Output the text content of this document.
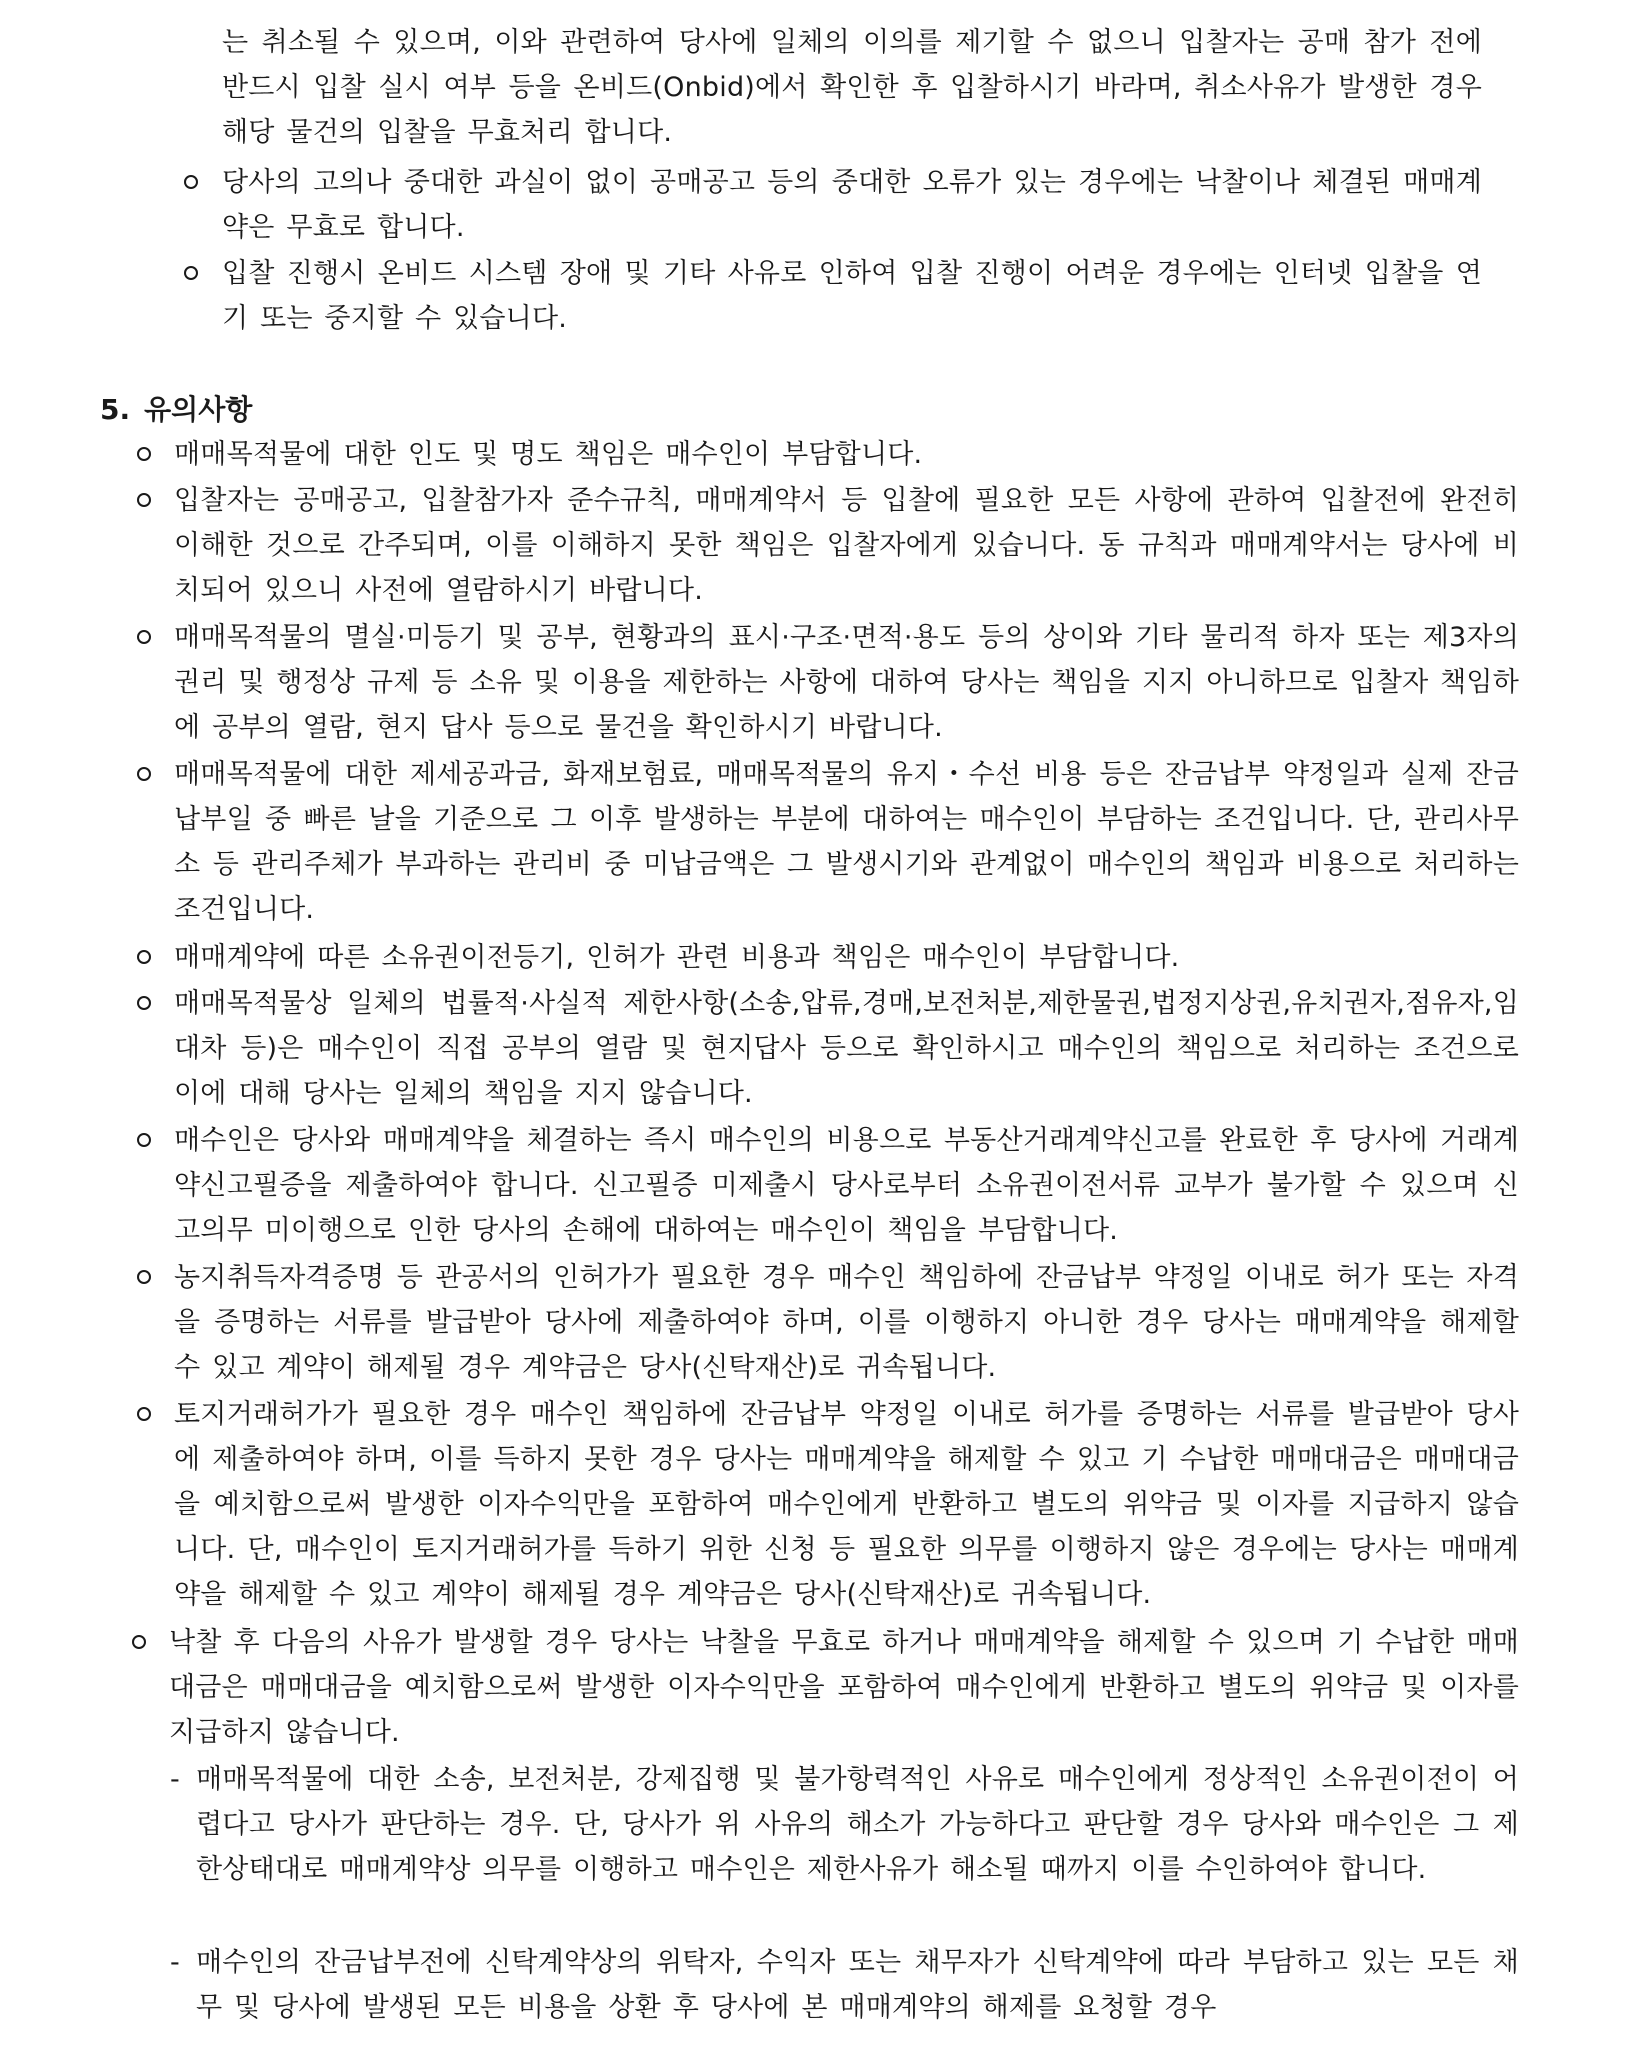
는 취소될 수 있으며, 이와 관련하여 당사에 일체의 이의를 제기할 수 없으니 입찰자는 공매 참가 전에 반드시 입찰 실시 여부 등을 온비드(Onbid)에서 확인한 후 입찰하시기 바라며, 취소사유가 발생한 경우 해당 물건의 입찰을 무효처리 합니다.
당사의 고의나 중대한 과실이 없이 공매공고 등의 중대한 오류가 있는 경우에는 낙찰이나 체결된 매매계약은 무효로 합니다.
입찰 진행시 온비드 시스템 장애 및 기타 사유로 인하여 입찰 진행이 어려운 경우에는 인터넷 입찰을 연기 또는 중지할 수 있습니다.
5. 유의사항
매매목적물에 대한 인도 및 명도 책임은 매수인이 부담합니다.
입찰자는 공매공고, 입찰참가자 준수규칙, 매매계약서 등 입찰에 필요한 모든 사항에 관하여 입찰전에 완전히 이해한 것으로 간주되며, 이를 이해하지 못한 책임은 입찰자에게 있습니다. 동 규칙과 매매계약서는 당사에 비치되어 있으니 사전에 열람하시기 바랍니다.
매매목적물의 멸실·미등기 및 공부, 현황과의 표시·구조·면적·용도 등의 상이와 기타 물리적 하자 또는 제3자의 권리 및 행정상 규제 등 소유 및 이용을 제한하는 사항에 대하여 당사는 책임을 지지 아니하므로 입찰자 책임하에 공부의 열람, 현지 답사 등으로 물건을 확인하시기 바랍니다.
매매목적물에 대한 제세공과금, 화재보험료, 매매목적물의 유지・수선 비용 등은 잔금납부 약정일과 실제 잔금납부일 중 빠른 날을 기준으로 그 이후 발생하는 부분에 대하여는 매수인이 부담하는 조건입니다. 단, 관리사무소 등 관리주체가 부과하는 관리비 중 미납금액은 그 발생시기와 관계없이 매수인의 책임과 비용으로 처리하는 조건입니다.
매매계약에 따른 소유권이전등기, 인허가 관련 비용과 책임은 매수인이 부담합니다.
매매목적물상 일체의 법률적·사실적 제한사항(소송,압류,경매,보전처분,제한물권,법정지상권,유치권자,점유자,임대차 등)은 매수인이 직접 공부의 열람 및 현지답사 등으로 확인하시고 매수인의 책임으로 처리하는 조건으로 이에 대해 당사는 일체의 책임을 지지 않습니다.
매수인은 당사와 매매계약을 체결하는 즉시 매수인의 비용으로 부동산거래계약신고를 완료한 후 당사에 거래계약신고필증을 제출하여야 합니다. 신고필증 미제출시 당사로부터 소유권이전서류 교부가 불가할 수 있으며 신고의무 미이행으로 인한 당사의 손해에 대하여는 매수인이 책임을 부담합니다.
농지취득자격증명 등 관공서의 인허가가 필요한 경우 매수인 책임하에 잔금납부 약정일 이내로 허가 또는 자격을 증명하는 서류를 발급받아 당사에 제출하여야 하며, 이를 이행하지 아니한 경우 당사는 매매계약을 해제할 수 있고 계약이 해제될 경우 계약금은 당사(신탁재산)로 귀속됩니다.
토지거래허가가 필요한 경우 매수인 책임하에 잔금납부 약정일 이내로 허가를 증명하는 서류를 발급받아 당사에 제출하여야 하며, 이를 득하지 못한 경우 당사는 매매계약을 해제할 수 있고 기 수납한 매매대금은 매매대금을 예치함으로써 발생한 이자수익만을 포함하여 매수인에게 반환하고 별도의 위약금 및 이자를 지급하지 않습니다. 단, 매수인이 토지거래허가를 득하기 위한 신청 등 필요한 의무를 이행하지 않은 경우에는 당사는 매매계약을 해제할 수 있고 계약이 해제될 경우 계약금은 당사(신탁재산)로 귀속됩니다.
낙찰 후 다음의 사유가 발생할 경우 당사는 낙찰을 무효로 하거나 매매계약을 해제할 수 있으며 기 수납한 매매대금은 매매대금을 예치함으로써 발생한 이자수익만을 포함하여 매수인에게 반환하고 별도의 위약금 및 이자를 지급하지 않습니다.
- 매매목적물에 대한 소송, 보전처분, 강제집행 및 불가항력적인 사유로 매수인에게 정상적인 소유권이전이 어렵다고 당사가 판단하는 경우. 단, 당사가 위 사유의 해소가 가능하다고 판단할 경우 당사와 매수인은 그 제한상태대로 매매계약상 의무를 이행하고 매수인은 제한사유가 해소될 때까지 이를 수인하여야 합니다.
- 매수인의 잔금납부전에 신탁계약상의 위탁자, 수익자 또는 채무자가 신탁계약에 따라 부담하고 있는 모든 채무 및 당사에 발생된 모든 비용을 상환 후 당사에 본 매매계약의 해제를 요청할 경우
